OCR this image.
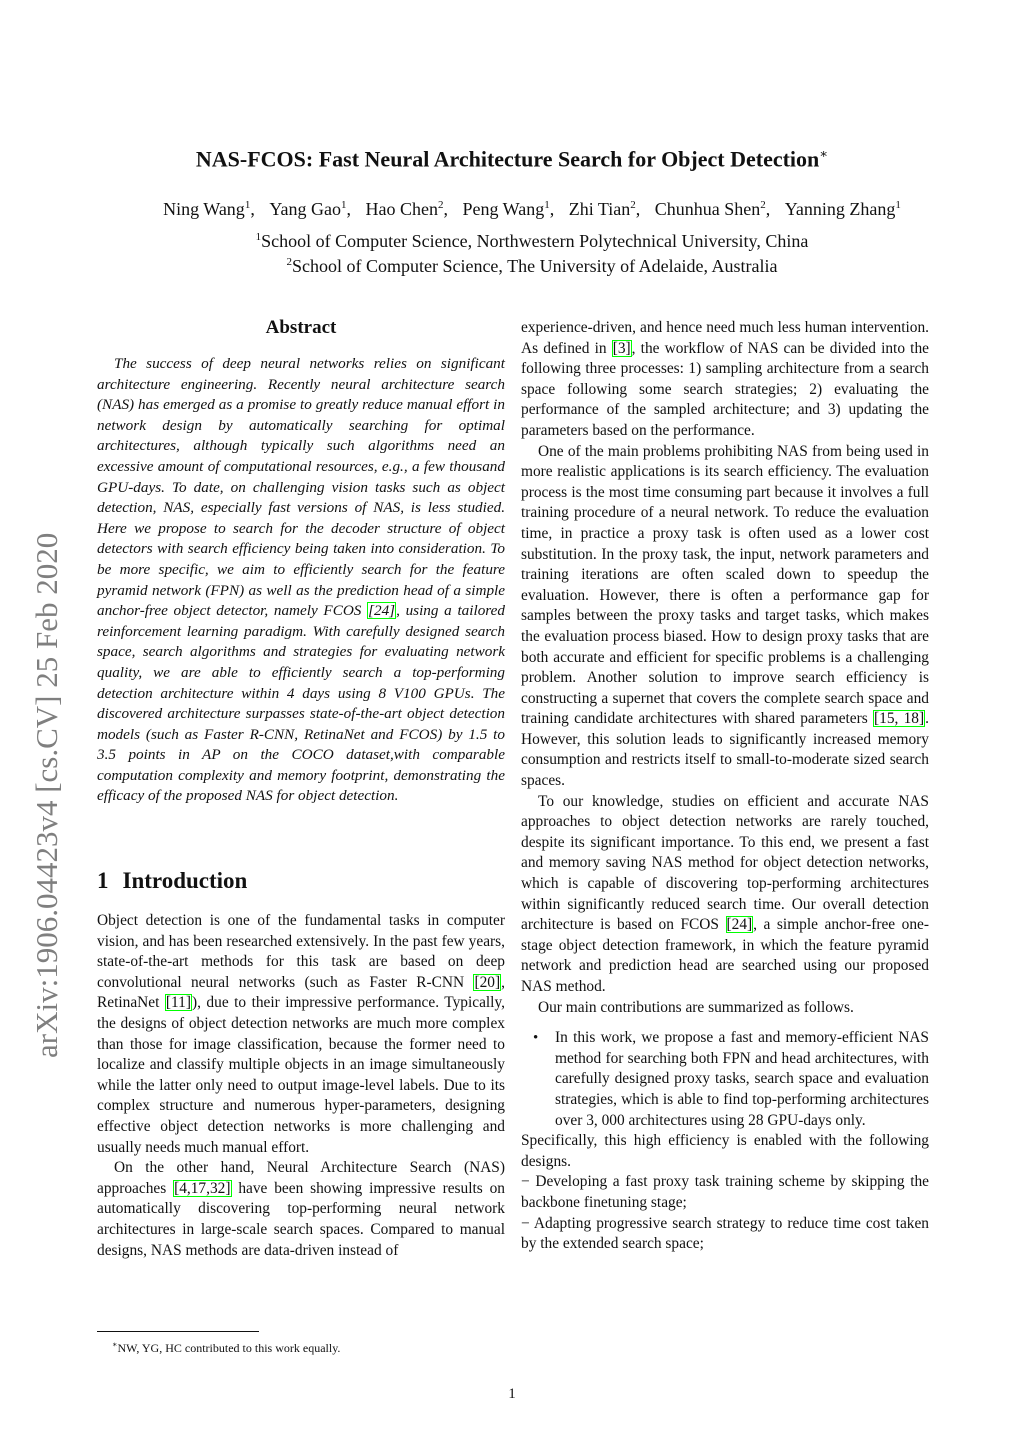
NAS-FCOS: Fast Neural Architecture Search for Object Detection∗
Ning Wang$^1$, Yang Gao$^1$, Hao Chen$^2$, Peng Wang$^1$, Zhi Tian$^2$, Chunhua Shen$^2$, Yanning Zhang$^1$
$^1$School of Computer Science, Northwestern Polytechnical University, China
$^2$School of Computer Science, The University of Adelaide, Australia
arXiv:1906.04423v4 [cs.CV] 25 Feb 2020
Abstract

The success of deep neural networks relies on significant architecture engineering. Recently neural architecture search (NAS) has emerged as a promise to greatly reduce manual effort in network design by automatically searching for optimal architectures, although typically such algorithms need an excessive amount of computational resources, e.g., a few thousand GPU-days. To date, on challenging vision tasks such as object detection, NAS, especially fast versions of NAS, is less studied. Here we propose to search for the decoder structure of object detectors with search efficiency being taken into consideration. To be more specific, we aim to efficiently search for the feature pyramid network (FPN) as well as the prediction head of a simple anchor-free object detector, namely FCOS [24], using a tailored reinforcement learning paradigm. With carefully designed search space, search algorithms and strategies for evaluating network quality, we are able to efficiently search a top-performing detection architecture within 4 days using 8 V100 GPUs. The discovered architecture surpasses state-of-the-art object detection models (such as Faster R-CNN, RetinaNet and FCOS) by 1.5 to 3.5 points in AP on the COCO dataset,with comparable computation complexity and memory footprint, demonstrating the efficacy of the proposed NAS for object detection.

1 Introduction

Object detection is one of the fundamental tasks in computer vision, and has been researched extensively. In the past few years, state-of-the-art methods for this task are based on deep convolutional neural networks (such as Faster R-CNN [20], RetinaNet [11]), due to their impressive performance. Typically, the designs of object detection networks are much more complex than those for image classification, because the former need to localize and classify multiple objects in an image simultaneously while the latter only need to output image-level labels. Due to its complex structure and numerous hyper-parameters, designing effective object detection networks is more challenging and usually needs much manual effort.

On the other hand, Neural Architecture Search (NAS) approaches [4,17,32] have been showing impressive results on automatically discovering top-performing neural network architectures in large-scale search spaces. Compared to manual designs, NAS methods are data-driven instead of

experience-driven, and hence need much less human intervention. As defined in [3], the workflow of NAS can be divided into the following three processes: 1) sampling architecture from a search space following some search strategies; 2) evaluating the performance of the sampled architecture; and 3) updating the parameters based on the performance.

One of the main problems prohibiting NAS from being used in more realistic applications is its search efficiency. The evaluation process is the most time consuming part because it involves a full training procedure of a neural network. To reduce the evaluation time, in practice a proxy task is often used as a lower cost substitution. In the proxy task, the input, network parameters and training iterations are often scaled down to speedup the evaluation. However, there is often a performance gap for samples between the proxy tasks and target tasks, which makes the evaluation process biased. How to design proxy tasks that are both accurate and efficient for specific problems is a challenging problem. Another solution to improve search efficiency is constructing a supernet that covers the complete search space and training candidate architectures with shared parameters [15, 18]. However, this solution leads to significantly increased memory consumption and restricts itself to small-to-moderate sized search spaces.

To our knowledge, studies on efficient and accurate NAS approaches to object detection networks are rarely touched, despite its significant importance. To this end, we present a fast and memory saving NAS method for object detection networks, which is capable of discovering top-performing architectures within significantly reduced search time. Our overall detection architecture is based on FCOS [24], a simple anchor-free one-stage object detection framework, in which the feature pyramid network and prediction head are searched using our proposed NAS method.

Our main contributions are summarized as follows.

• In this work, we propose a fast and memory-efficient NAS method for searching both FPN and head architectures, with carefully designed proxy tasks, search space and evaluation strategies, which is able to find top-performing architectures over 3, 000 architectures using 28 GPU-days only.

Specifically, this high efficiency is enabled with the following designs.

− Developing a fast proxy task training scheme by skipping the backbone finetuning stage;

− Adapting progressive search strategy to reduce time cost taken by the extended search space;

∗NW, YG, HC contributed to this work equally.
1
